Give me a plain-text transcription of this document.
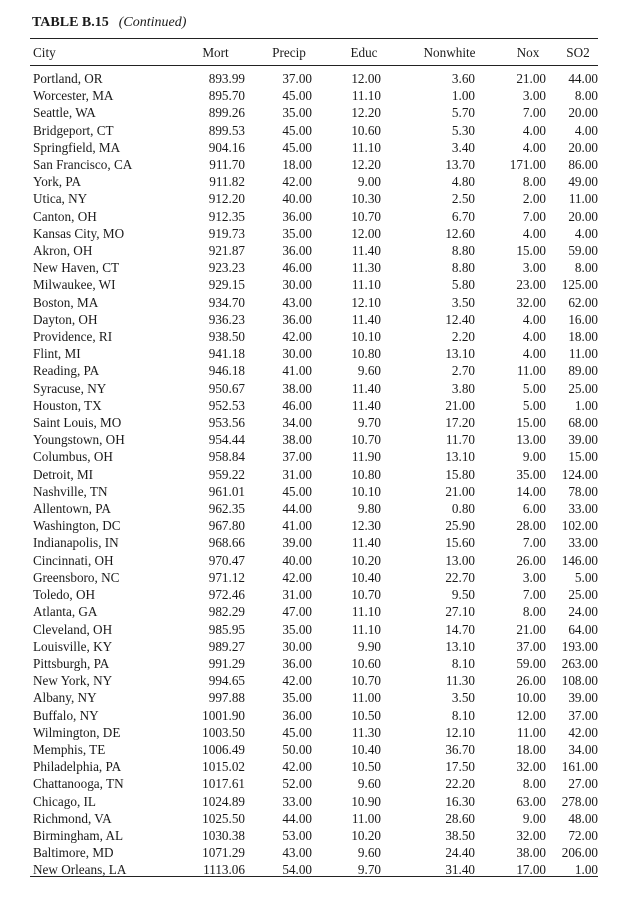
TABLE B.15 (Continued)
City	Mort	Precip	Educ	Nonwhite	Nox	SO2

Portland, OR	893.99	37.00	12.00	3.60	21.00	44.00
Worcester, MA	895.70	45.00	11.10	1.00	3.00	8.00
Seattle, WA	899.26	35.00	12.20	5.70	7.00	20.00
Bridgeport, CT	899.53	45.00	10.60	5.30	4.00	4.00
Springfield, MA	904.16	45.00	11.10	3.40	4.00	20.00
San Francisco, CA	911.70	18.00	12.20	13.70	171.00	86.00
York, PA	911.82	42.00	9.00	4.80	8.00	49.00
Utica, NY	912.20	40.00	10.30	2.50	2.00	11.00
Canton, OH	912.35	36.00	10.70	6.70	7.00	20.00
Kansas City, MO	919.73	35.00	12.00	12.60	4.00	4.00
Akron, OH	921.87	36.00	11.40	8.80	15.00	59.00
New Haven, CT	923.23	46.00	11.30	8.80	3.00	8.00
Milwaukee, WI	929.15	30.00	11.10	5.80	23.00	125.00
Boston, MA	934.70	43.00	12.10	3.50	32.00	62.00
Dayton, OH	936.23	36.00	11.40	12.40	4.00	16.00
Providence, RI	938.50	42.00	10.10	2.20	4.00	18.00
Flint, MI	941.18	30.00	10.80	13.10	4.00	11.00
Reading, PA	946.18	41.00	9.60	2.70	11.00	89.00
Syracuse, NY	950.67	38.00	11.40	3.80	5.00	25.00
Houston, TX	952.53	46.00	11.40	21.00	5.00	1.00
Saint Louis, MO	953.56	34.00	9.70	17.20	15.00	68.00
Youngstown, OH	954.44	38.00	10.70	11.70	13.00	39.00
Columbus, OH	958.84	37.00	11.90	13.10	9.00	15.00
Detroit, MI	959.22	31.00	10.80	15.80	35.00	124.00
Nashville, TN	961.01	45.00	10.10	21.00	14.00	78.00
Allentown, PA	962.35	44.00	9.80	0.80	6.00	33.00
Washington, DC	967.80	41.00	12.30	25.90	28.00	102.00
Indianapolis, IN	968.66	39.00	11.40	15.60	7.00	33.00
Cincinnati, OH	970.47	40.00	10.20	13.00	26.00	146.00
Greensboro, NC	971.12	42.00	10.40	22.70	3.00	5.00
Toledo, OH	972.46	31.00	10.70	9.50	7.00	25.00
Atlanta, GA	982.29	47.00	11.10	27.10	8.00	24.00
Cleveland, OH	985.95	35.00	11.10	14.70	21.00	64.00
Louisville, KY	989.27	30.00	9.90	13.10	37.00	193.00
Pittsburgh, PA	991.29	36.00	10.60	8.10	59.00	263.00
New York, NY	994.65	42.00	10.70	11.30	26.00	108.00
Albany, NY	997.88	35.00	11.00	3.50	10.00	39.00
Buffalo, NY	1001.90	36.00	10.50	8.10	12.00	37.00
Wilmington, DE	1003.50	45.00	11.30	12.10	11.00	42.00
Memphis, TE	1006.49	50.00	10.40	36.70	18.00	34.00
Philadelphia, PA	1015.02	42.00	10.50	17.50	32.00	161.00
Chattanooga, TN	1017.61	52.00	9.60	22.20	8.00	27.00
Chicago, IL	1024.89	33.00	10.90	16.30	63.00	278.00
Richmond, VA	1025.50	44.00	11.00	28.60	9.00	48.00
Birmingham, AL	1030.38	53.00	10.20	38.50	32.00	72.00
Baltimore, MD	1071.29	43.00	9.60	24.40	38.00	206.00
New Orleans, LA	1113.06	54.00	9.70	31.40	17.00	1.00
